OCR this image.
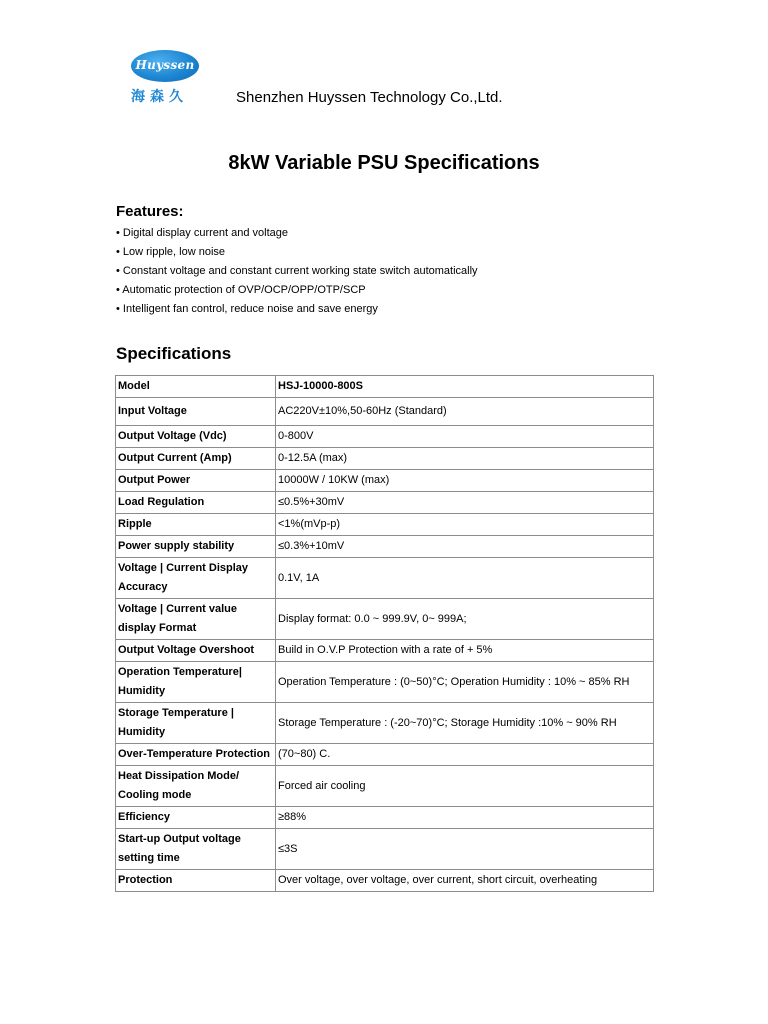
Huyssen
海森久	Shenzhen Huyssen Technology Co.,Ltd.
8kW Variable PSU Specifications
Features:
• Digital display current and voltage
• Low ripple, low noise
• Constant voltage and constant current working state switch automatically
• Automatic protection of OVP/OCP/OPP/OTP/SCP
• Intelligent fan control, reduce noise and save energy
Specifications
Model	HSJ-10000-800S
Input Voltage	AC220V±10%,50-60Hz (Standard)
Output Voltage (Vdc)	0-800V
Output Current (Amp)	0-12.5A (max)
Output Power	10000W / 10KW (max)
Load Regulation	≤0.5%+30mV
Ripple	<1%(mVp-p)
Power supply stability	≤0.3%+10mV
Voltage | Current Display Accuracy	0.1V, 1A
Voltage | Current value display Format	Display format: 0.0 ~ 999.9V, 0~ 999A;
Output Voltage Overshoot	Build in O.V.P Protection with a rate of + 5%
Operation Temperature| Humidity	Operation Temperature : (0~50)°C; Operation Humidity : 10% ~ 85% RH
Storage Temperature | Humidity	Storage Temperature : (-20~70)°C; Storage Humidity :10% ~ 90% RH
Over-Temperature Protection	(70~80) C.
Heat Dissipation Mode/ Cooling mode	Forced air cooling
Efficiency	≥88%
Start-up Output voltage setting time	≤3S
Protection	Over voltage, over voltage, over current, short circuit, overheating
